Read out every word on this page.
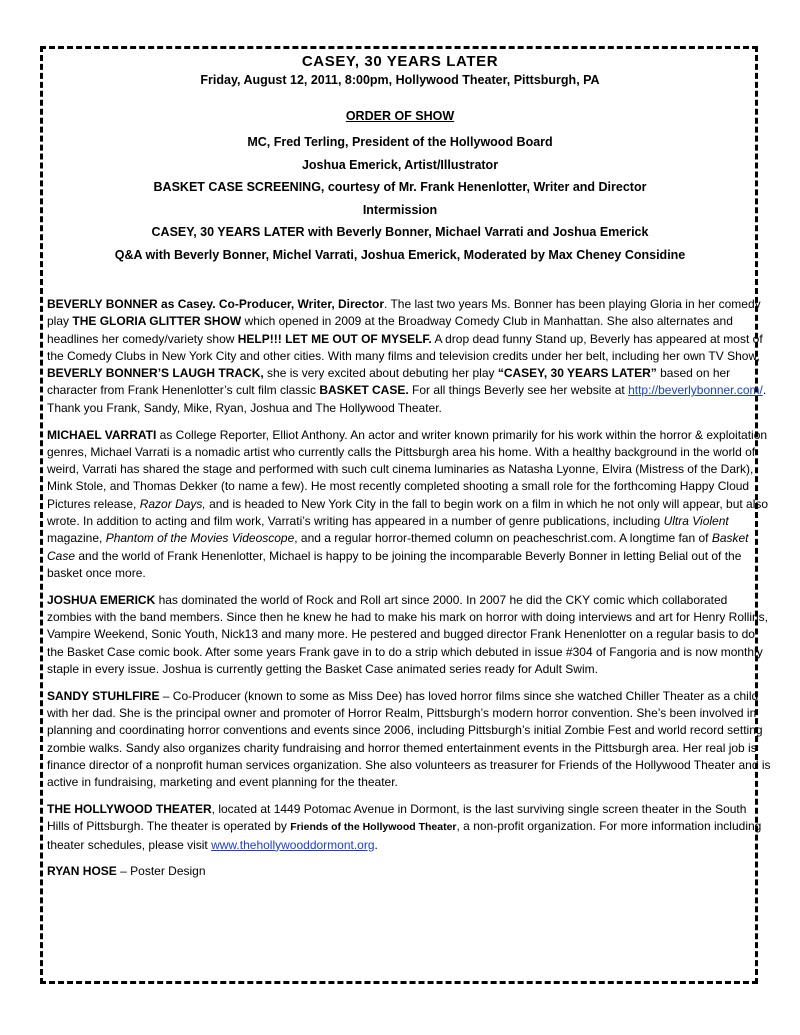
CASEY, 30 YEARS LATER
Friday, August 12, 2011, 8:00pm, Hollywood Theater, Pittsburgh, PA
ORDER OF SHOW
MC, Fred Terling, President of the Hollywood Board
Joshua Emerick, Artist/Illustrator
BASKET CASE SCREENING, courtesy of Mr. Frank Henenlotter, Writer and Director
Intermission
CASEY, 30 YEARS LATER with Beverly Bonner, Michael Varrati and Joshua Emerick
Q&A with Beverly Bonner, Michel Varrati, Joshua Emerick, Moderated by Max Cheney Considine

BEVERLY BONNER as Casey. Co-Producer, Writer, Director. The last two years Ms. Bonner has been playing Gloria in her comedy play THE GLORIA GLITTER SHOW which opened in 2009 at the Broadway Comedy Club in Manhattan. She also alternates and headlines her comedy/variety show HELP!!! LET ME OUT OF MYSELF. A drop dead funny Stand up, Beverly has appeared at most of the Comedy Clubs in New York City and other cities. With many films and television credits under her belt, including her own TV Show, BEVERLY BONNER’S LAUGH TRACK, she is very excited about debuting her play “CASEY, 30 YEARS LATER” based on her character from Frank Henenlotter’s cult film classic BASKET CASE. For all things Beverly see her website at http://beverlybonner.com/. Thank you Frank, Sandy, Mike, Ryan, Joshua and The Hollywood Theater.

MICHAEL VARRATI as College Reporter, Elliot Anthony. An actor and writer known primarily for his work within the horror & exploitation genres, Michael Varrati is a nomadic artist who currently calls the Pittsburgh area his home. With a healthy background in the world of weird, Varrati has shared the stage and performed with such cult cinema luminaries as Natasha Lyonne, Elvira (Mistress of the Dark), Mink Stole, and Thomas Dekker (to name a few). He most recently completed shooting a small role for the forthcoming Happy Cloud Pictures release, Razor Days, and is headed to New York City in the fall to begin work on a film in which he not only will appear, but also wrote. In addition to acting and film work, Varrati’s writing has appeared in a number of genre publications, including Ultra Violent magazine, Phantom of the Movies Videoscope, and a regular horror-themed column on peacheschrist.com. A longtime fan of Basket Case and the world of Frank Henenlotter, Michael is happy to be joining the incomparable Beverly Bonner in letting Belial out of the basket once more.

JOSHUA EMERICK has dominated the world of Rock and Roll art since 2000. In 2007 he did the CKY comic which collaborated zombies with the band members. Since then he knew he had to make his mark on horror with doing interviews and art for Henry Rollins, Vampire Weekend, Sonic Youth, Nick13 and many more. He pestered and bugged director Frank Henenlotter on a regular basis to do the Basket Case comic book. After some years Frank gave in to do a strip which debuted in issue #304 of Fangoria and is now monthly staple in every issue. Joshua is currently getting the Basket Case animated series ready for Adult Swim.

SANDY STUHLFIRE – Co-Producer (known to some as Miss Dee) has loved horror films since she watched Chiller Theater as a child with her dad. She is the principal owner and promoter of Horror Realm, Pittsburgh’s modern horror convention. She’s been involved in planning and coordinating horror conventions and events since 2006, including Pittsburgh’s initial Zombie Fest and world record setting zombie walks. Sandy also organizes charity fundraising and horror themed entertainment events in the Pittsburgh area. Her real job is finance director of a nonprofit human services organization. She also volunteers as treasurer for Friends of the Hollywood Theater and is active in fundraising, marketing and event planning for the theater.

THE HOLLYWOOD THEATER, located at 1449 Potomac Avenue in Dormont, is the last surviving single screen theater in the South Hills of Pittsburgh. The theater is operated by Friends of the Hollywood Theater, a non-profit organization. For more information including theater schedules, please visit www.thehollywooddormont.org.

RYAN HOSE – Poster Design
